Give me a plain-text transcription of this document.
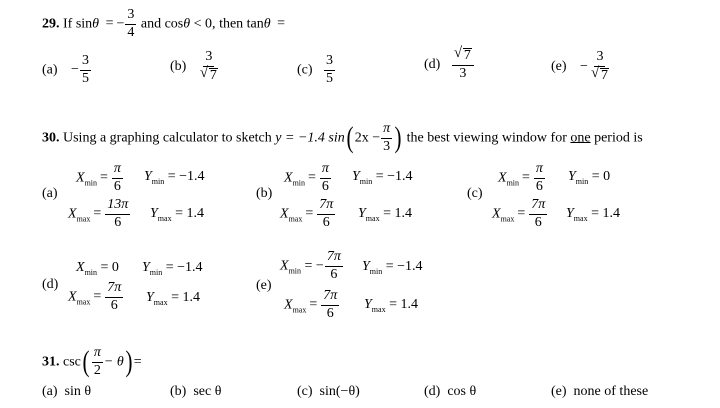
29. If sinθ = − $\frac{3}{4}$ and cosθ < 0, then tanθ =
$(a) - \frac{3}{5}$	$(b) \frac{3}{√ 7}$	$(c) \frac{3}{5}$	$(d) \frac{√ 7}{3}$	$(e) - \frac{3}{√ 7}$
30. Using a graphing calculator to sketch y = −1.4 sin( $2x - \frac{\pi}{3}$ ) the best viewing window for one period is
(a)
$X_{min} = \frac{\pi}{6} Y_{min} = -1.4$
$X_{max} = \frac{13\pi}{6} Y_{max} = 1.4$
(b)
$X_{min} = \frac{\pi}{6} Y_{min} = -1.4$
$X_{max} = \frac{7\pi}{6} Y_{max} = 1.4$
(c)
$X_{min} = \frac{\pi}{6} Y_{min} = 0$
$X_{max} = \frac{7\pi}{6} Y_{max} = 1.4$
(d)
$X_{min} = 0$ $Y_{min} = -1.4$
$X_{max} = \frac{7\pi}{6} Y_{max} = 1.4$
(e)
$X_{min}$ = − $\frac{7\pi}{6} Y_{min} = -1.4$
$X_{max} = \frac{7\pi}{6} Y_{max} = 1.4$
31. $\csc( \frac{\pi}{2} - \theta)$ =
(a) sin θ	(b) sec θ	(c) sin(−θ)	(d) cos θ	(e) none of these
